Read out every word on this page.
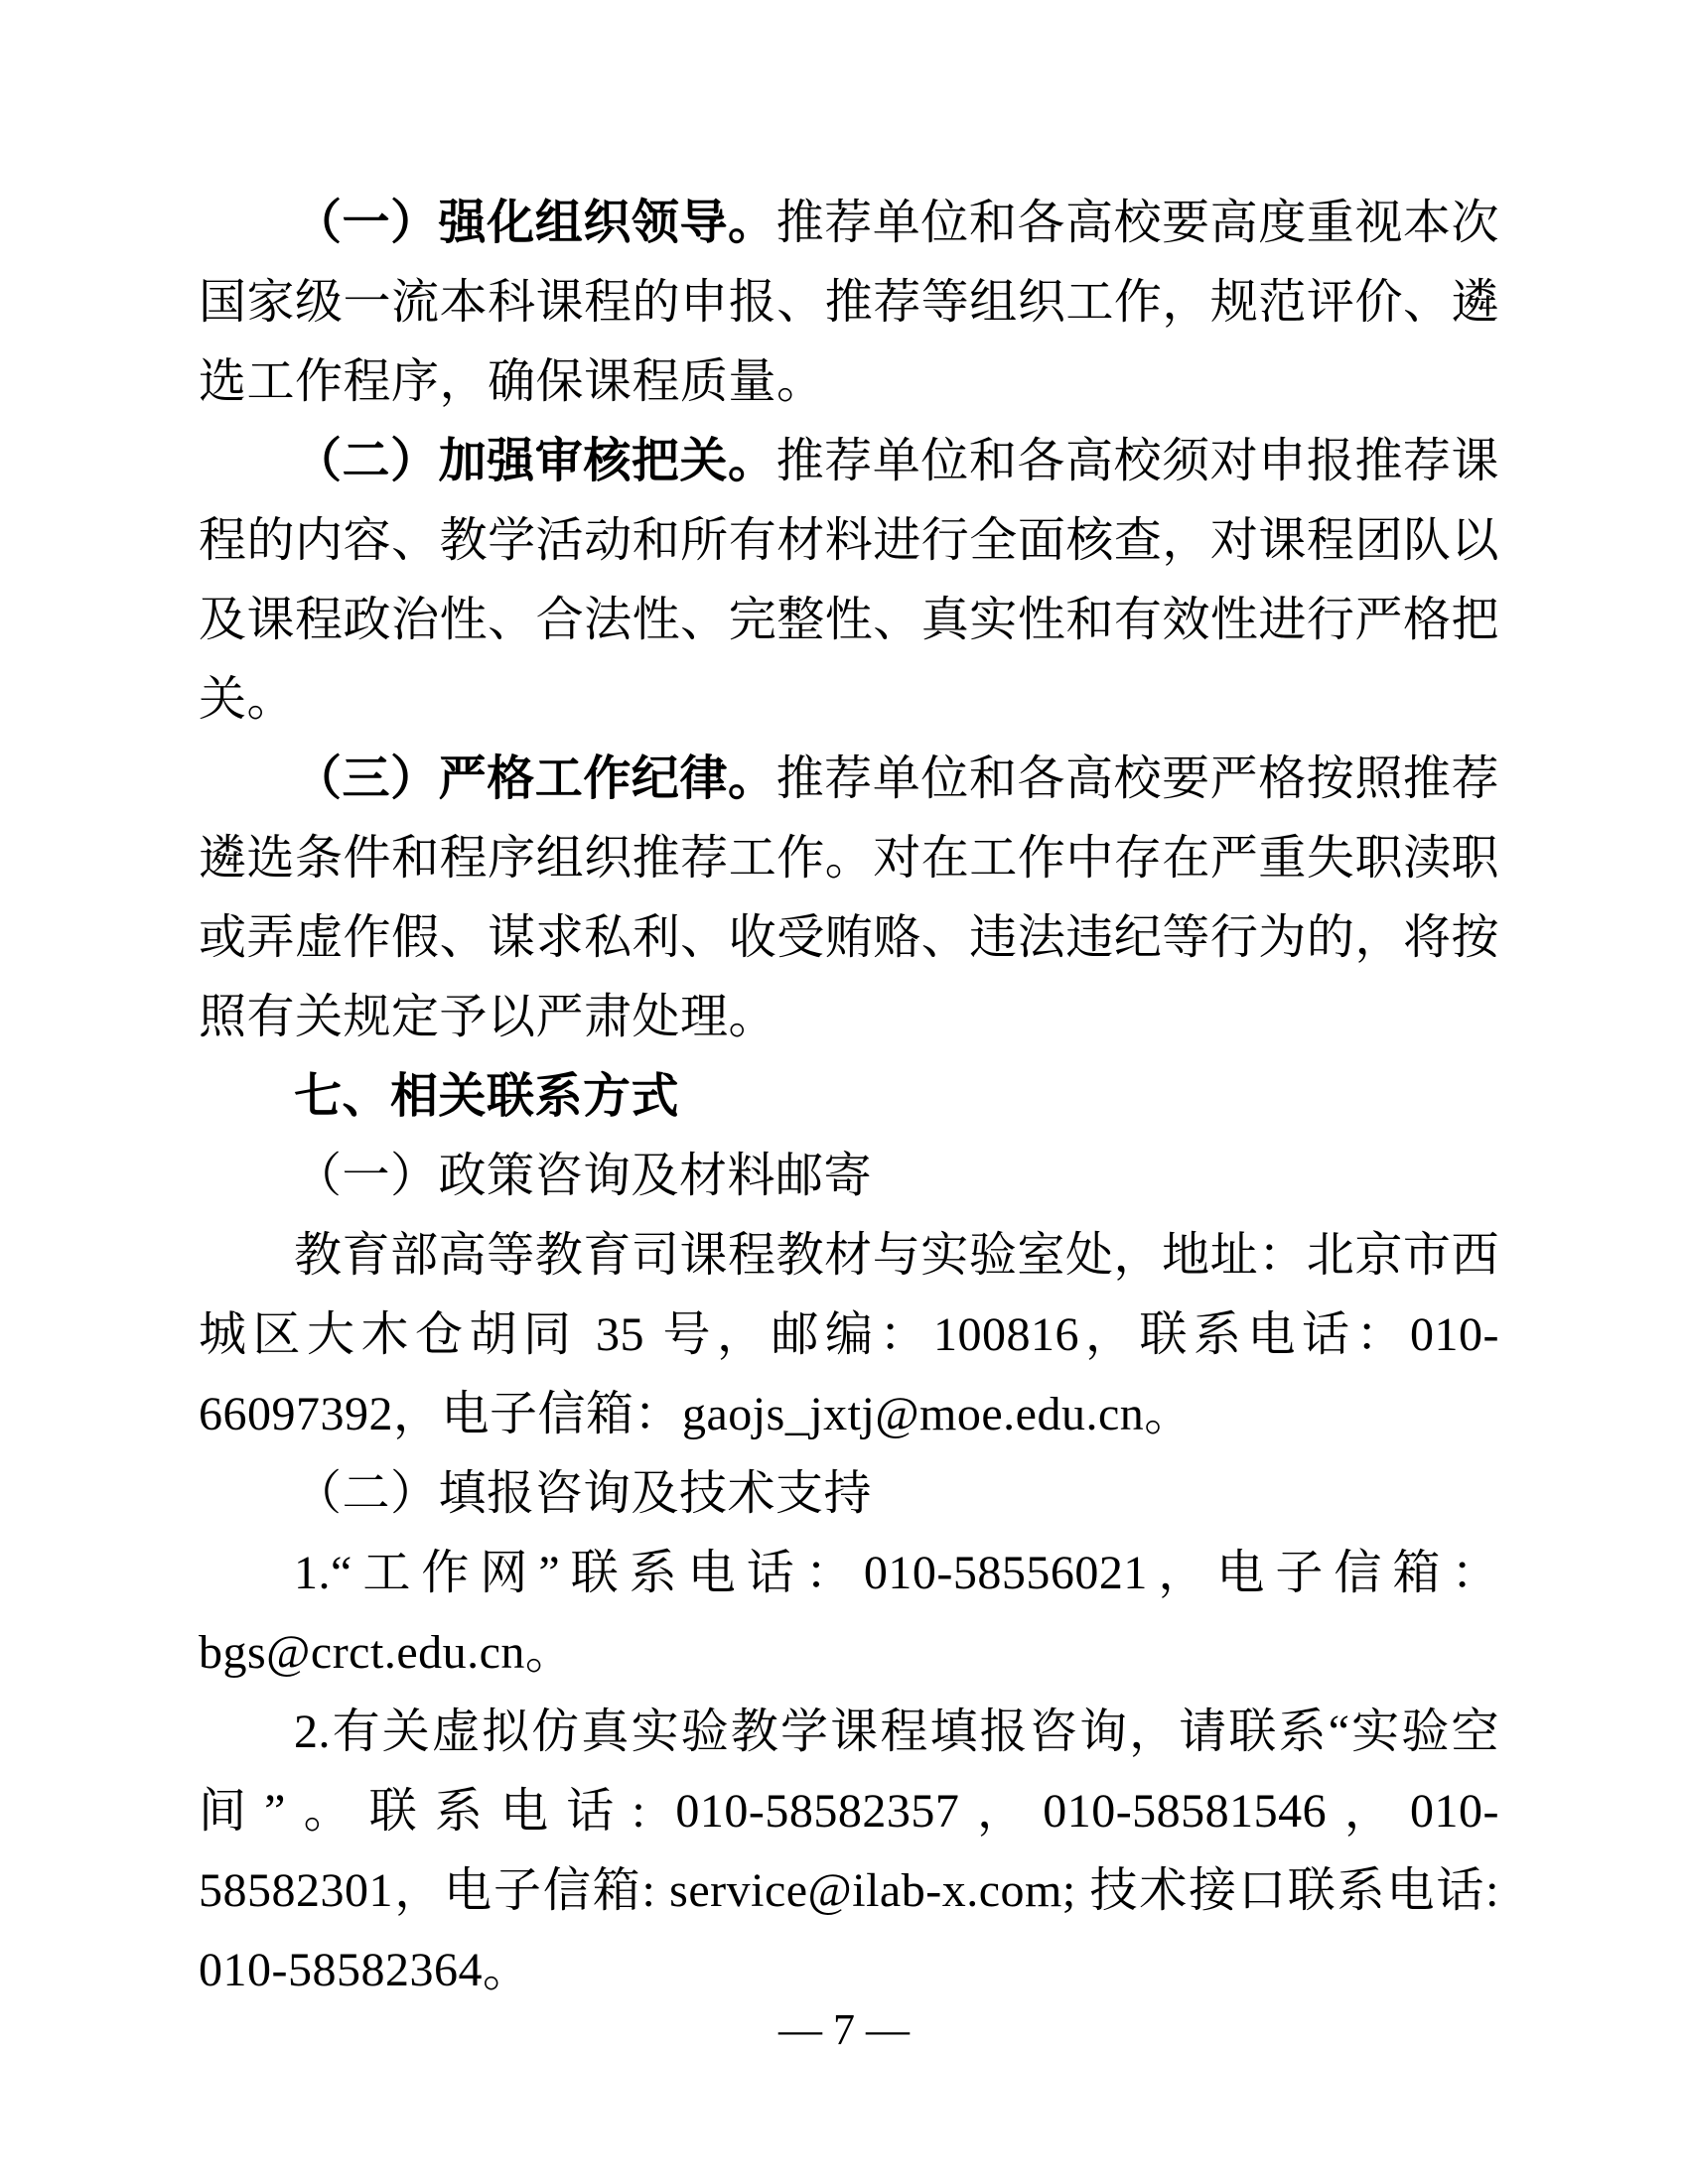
（一）强化组织领导。推荐单位和各高校要高度重视本次国家级一流本科课程的申报、推荐等组织工作，规范评价、遴选工作程序，确保课程质量。

（二）加强审核把关。推荐单位和各高校须对申报推荐课程的内容、教学活动和所有材料进行全面核查，对课程团队以及课程政治性、合法性、完整性、真实性和有效性进行严格把关。

（三）严格工作纪律。推荐单位和各高校要严格按照推荐遴选条件和程序组织推荐工作。对在工作中存在严重失职渎职或弄虚作假、谋求私利、收受贿赂、违法违纪等行为的，将按照有关规定予以严肃处理。

七、相关联系方式

（一）政策咨询及材料邮寄

教育部高等教育司课程教材与实验室处，地址：北京市西城区大木仓胡同 35 号，邮编：100816，联系电话：010-66097392，电子信箱：gaojs_jxtj@moe.edu.cn。

（二）填报咨询及技术支持

1.“工作网”联系电话：010-58556021，电子信箱：bgs@crct.edu.cn。

2.有关虚拟仿真实验教学课程填报咨询，请联系“实验空间”。联系电话: 010-58582357，010-58581546，010-58582301，电子信箱: service@ilab-x.com; 技术接口联系电话: 010-58582364。

— 7 —
